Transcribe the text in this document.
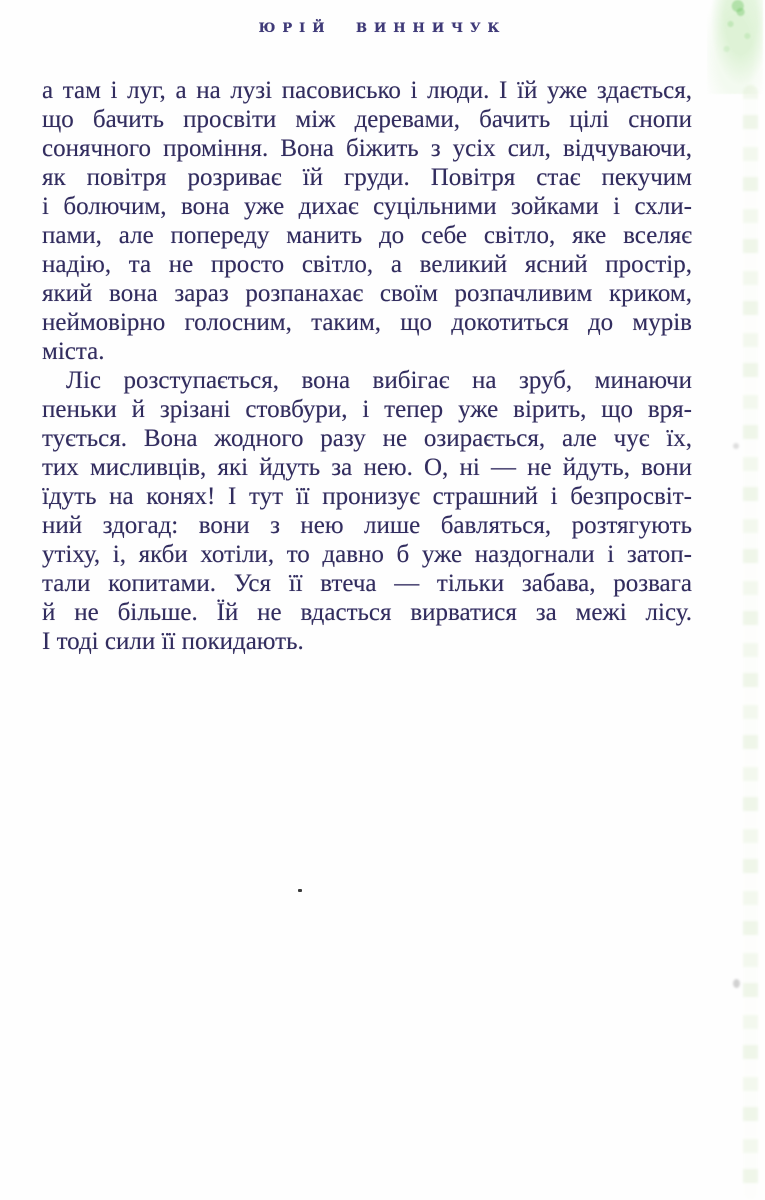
ЮРІЙ ВИННИЧУК
а там і луг, а на лузі пасовисько і люди. І їй уже здається,
що бачить просвіти між деревами, бачить цілі снопи
сонячного проміння. Вона біжить з усіх сил, відчуваючи,
як повітря розриває їй груди. Повітря стає пекучим
і болючим, вона уже дихає суцільними зойками і схли-
пами, але попереду манить до себе світло, яке вселяє
надію, та не просто світло, а великий ясний простір,
який вона зараз розпанахає своїм розпачливим криком,
неймовірно голосним, таким, що докотиться до мурів
міста.
Ліс розступається, вона вибігає на зруб, минаючи
пеньки й зрізані стовбури, і тепер уже вірить, що вря-
тується. Вона жодного разу не озирається, але чує їх,
тих мисливців, які йдуть за нею. О, ні — не йдуть, вони
їдуть на конях! І тут її пронизує страшний і безпросвіт-
ний здогад: вони з нею лише бавляться, розтягують
утіху, і, якби хотіли, то давно б уже наздогнали і затоп-
тали копитами. Уся її втеча — тільки забава, розвага
й не більше. Їй не вдасться вирватися за межі лісу.
І тоді сили її покидають.
